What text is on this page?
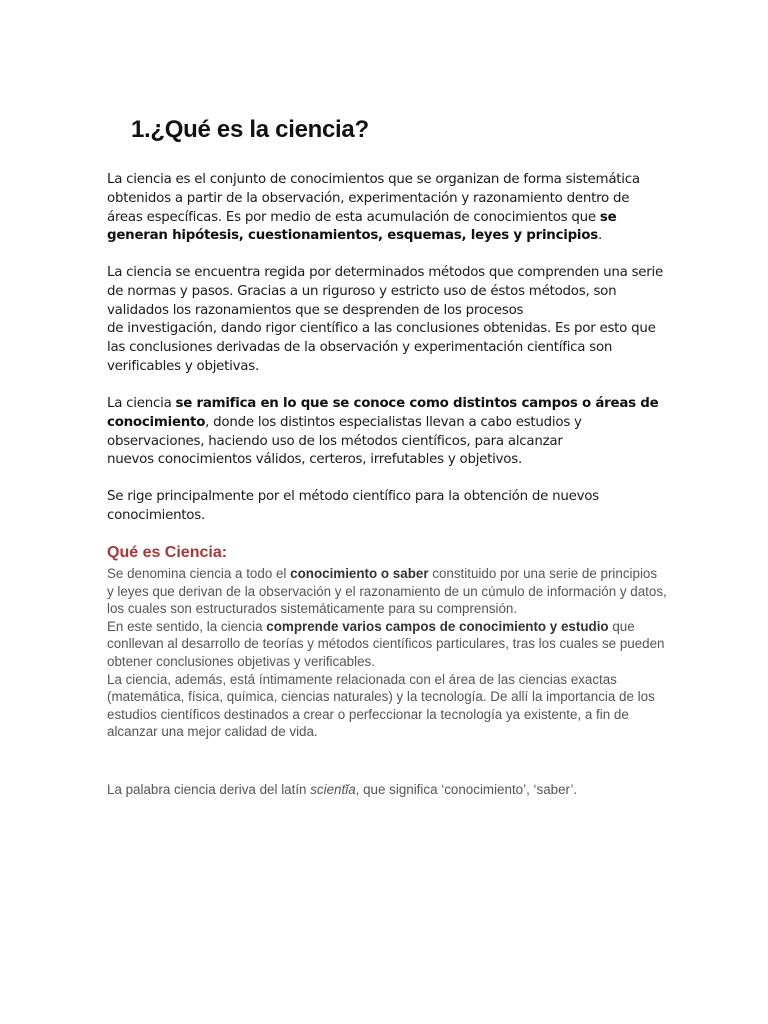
1.¿Qué es la ciencia?

La ciencia es el conjunto de conocimientos que se organizan de forma sistemática obtenidos a partir de la observación, experimentación y razonamiento dentro de áreas específicas. Es por medio de esta acumulación de conocimientos que se generan hipótesis, cuestionamientos, esquemas, leyes y principios.

La ciencia se encuentra regida por determinados métodos que comprenden una serie de normas y pasos. Gracias a un riguroso y estricto uso de éstos métodos, son validados los razonamientos que se desprenden de los procesos
de investigación, dando rigor científico a las conclusiones obtenidas. Es por esto que las conclusiones derivadas de la observación y experimentación científica son verificables y objetivas.

La ciencia se ramifica en lo que se conoce como distintos campos o áreas de conocimiento, donde los distintos especialistas llevan a cabo estudios y observaciones, haciendo uso de los métodos científicos, para alcanzar
nuevos conocimientos válidos, certeros, irrefutables y objetivos.

Se rige principalmente por el método científico para la obtención de nuevos conocimientos.

Qué es Ciencia:

Se denomina ciencia a todo el conocimiento o saber constituido por una serie de principios y leyes que derivan de la observación y el razonamiento de un cúmulo de información y datos, los cuales son estructurados sistemáticamente para su comprensión.
En este sentido, la ciencia comprende varios campos de conocimiento y estudio que conllevan al desarrollo de teorías y métodos científicos particulares, tras los cuales se pueden obtener conclusiones objetivas y verificables.
La ciencia, además, está íntimamente relacionada con el área de las ciencias exactas (matemática, física, química, ciencias naturales) y la tecnología. De allí la importancia de los estudios científicos destinados a crear o perfeccionar la tecnología ya existente, a fin de alcanzar una mejor calidad de vida.

La palabra ciencia deriva del latín scientĭa, que significa ‘conocimiento’, ‘saber’.
